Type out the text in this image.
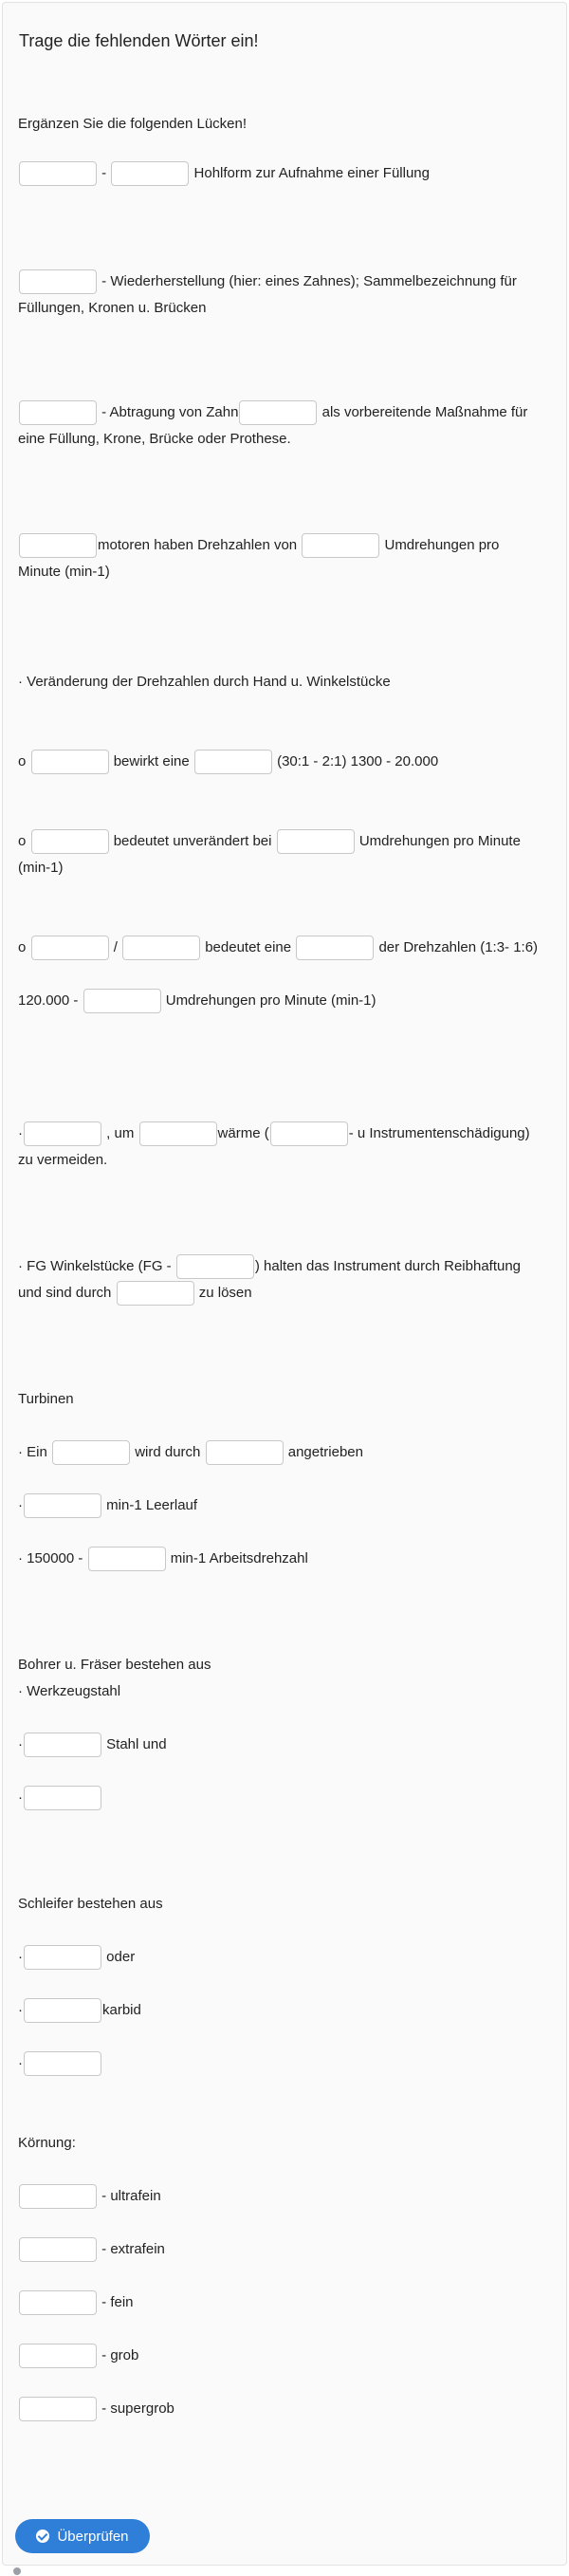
Trage die fehlenden Wörter ein!
Ergänzen Sie die folgenden Lücken!
-	Hohlform zur Aufnahme einer Füllung
- Wiederherstellung (hier: eines Zahnes); Sammelbezeichnung für
Füllungen, Kronen u. Brücken
- Abtragung von Zahn	als vorbereitende Maßnahme für
eine Füllung, Krone, Brücke oder Prothese.
motoren haben Drehzahlen von	Umdrehungen pro
Minute (min-1)
· Veränderung der Drehzahlen durch Hand u. Winkelstücke
o	bewirkt eine	(30:1 - 2:1) 1300 - 20.000
o	bedeutet unverändert bei	Umdrehungen pro Minute
(min-1)
o	/	bedeutet eine	der Drehzahlen (1:3- 1:6)
120.000 -	Umdrehungen pro Minute (min-1)
·	, um	wärme (	- u Instrumentenschädigung)
zu vermeiden.
· FG Winkelstücke (FG -	) halten das Instrument durch Reibhaftung
und sind durch	zu lösen
Turbinen
· Ein	wird durch	angetrieben
·	min-1 Leerlauf
· 150000 -	min-1 Arbeitsdrehzahl
Bohrer u. Fräser bestehen aus
· Werkzeugstahl
·	Stahl und
·
Schleifer bestehen aus
·	oder
·	karbid
·
Körnung:
- ultrafein
- extrafein
- fein
- grob
- supergrob
Überprüfen
